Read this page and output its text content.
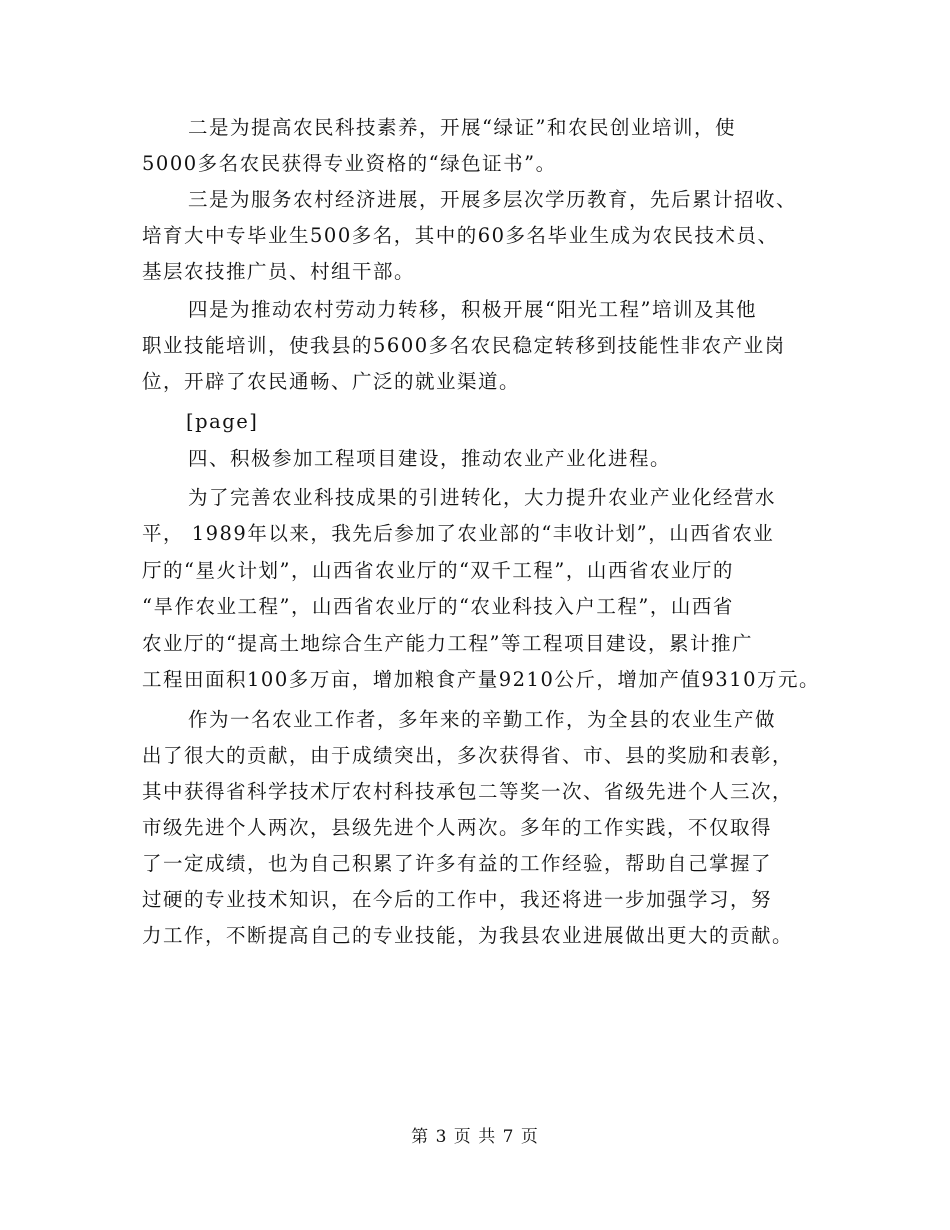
二是为提高农民科技素养，开展“绿证”和农民创业培训，使
5000多名农民获得专业资格的“绿色证书”。
三是为服务农村经济进展，开展多层次学历教育，先后累计招收、
培育大中专毕业生500多名，其中的60多名毕业生成为农民技术员、
基层农技推广员、村组干部。
四是为推动农村劳动力转移，积极开展“阳光工程”培训及其他
职业技能培训，使我县的5600多名农民稳定转移到技能性非农产业岗
位，开辟了农民通畅、广泛的就业渠道。
[page]
四、积极参加工程项目建设，推动农业产业化进程。
为了完善农业科技成果的引进转化，大力提升农业产业化经营水
平， 1989年以来，我先后参加了农业部的“丰收计划”，山西省农业
厅的“星火计划”，山西省农业厅的“双千工程”，山西省农业厅的
“旱作农业工程”，山西省农业厅的“农业科技入户工程”，山西省
农业厅的“提高土地综合生产能力工程”等工程项目建设，累计推广
工程田面积100多万亩，增加粮食产量9210公斤，增加产值9310万元。
作为一名农业工作者，多年来的辛勤工作，为全县的农业生产做
出了很大的贡献，由于成绩突出，多次获得省、市、县的奖励和表彰，
其中获得省科学技术厅农村科技承包二等奖一次、省级先进个人三次，
市级先进个人两次，县级先进个人两次。多年的工作实践，不仅取得
了一定成绩，也为自己积累了许多有益的工作经验，帮助自己掌握了
过硬的专业技术知识，在今后的工作中，我还将进一步加强学习，努
力工作，不断提高自己的专业技能，为我县农业进展做出更大的贡献。
第 3 页 共 7 页
